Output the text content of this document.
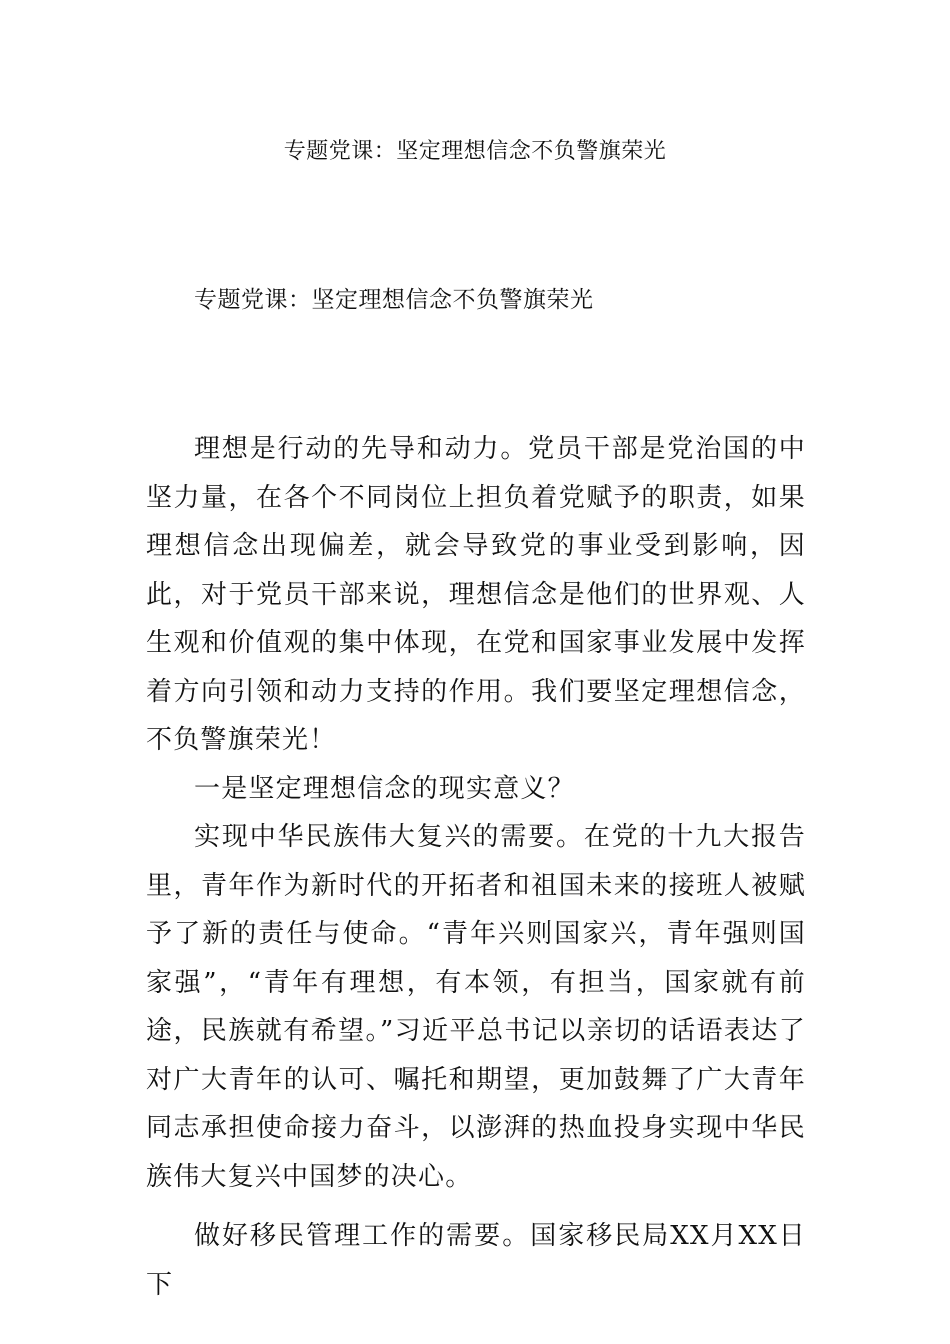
专题党课：坚定理想信念不负警旗荣光
专题党课：坚定理想信念不负警旗荣光

理想是行动的先导和动力。党员干部是党治国的中坚力量，在各个不同岗位上担负着党赋予的职责，如果理想信念出现偏差，就会导致党的事业受到影响，因此，对于党员干部来说，理想信念是他们的世界观、人生观和价值观的集中体现，在党和国家事业发展中发挥着方向引领和动力支持的作用。我们要坚定理想信念，不负警旗荣光！

一是坚定理想信念的现实意义？

实现中华民族伟大复兴的需要。在党的十九大报告里，青年作为新时代的开拓者和祖国未来的接班人被赋予了新的责任与使命。“青年兴则国家兴，青年强则国家强”，“青年有理想，有本领，有担当，国家就有前途，民族就有希望。”习近平总书记以亲切的话语表达了对广大青年的认可、嘱托和期望，更加鼓舞了广大青年同志承担使命接力奋斗，以澎湃的热血投身实现中华民族伟大复兴中国梦的决心。

做好移民管理工作的需要。国家移民局XX月XX日下
